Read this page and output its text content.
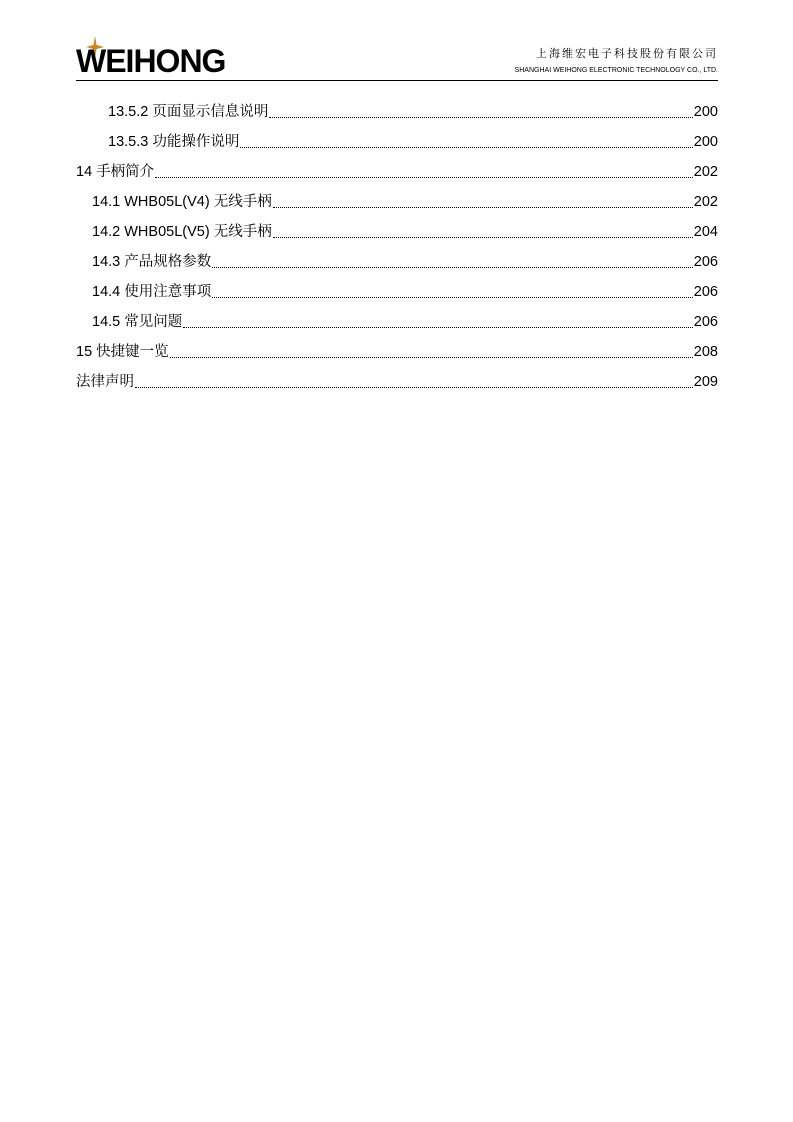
WEIHONG	上海维宏电子科技股份有限公司
SHANGHAI WEIHONG ELECTRONIC TECHNOLOGY CO., LTD.
13.5.2 页面显示信息说明	200
13.5.3 功能操作说明	200
14 手柄简介	202
14.1 WHB05L(V4) 无线手柄	202
14.2 WHB05L(V5) 无线手柄	204
14.3 产品规格参数	206
14.4 使用注意事项	206
14.5 常见问题	206
15 快捷键一览	208
法律声明	209
